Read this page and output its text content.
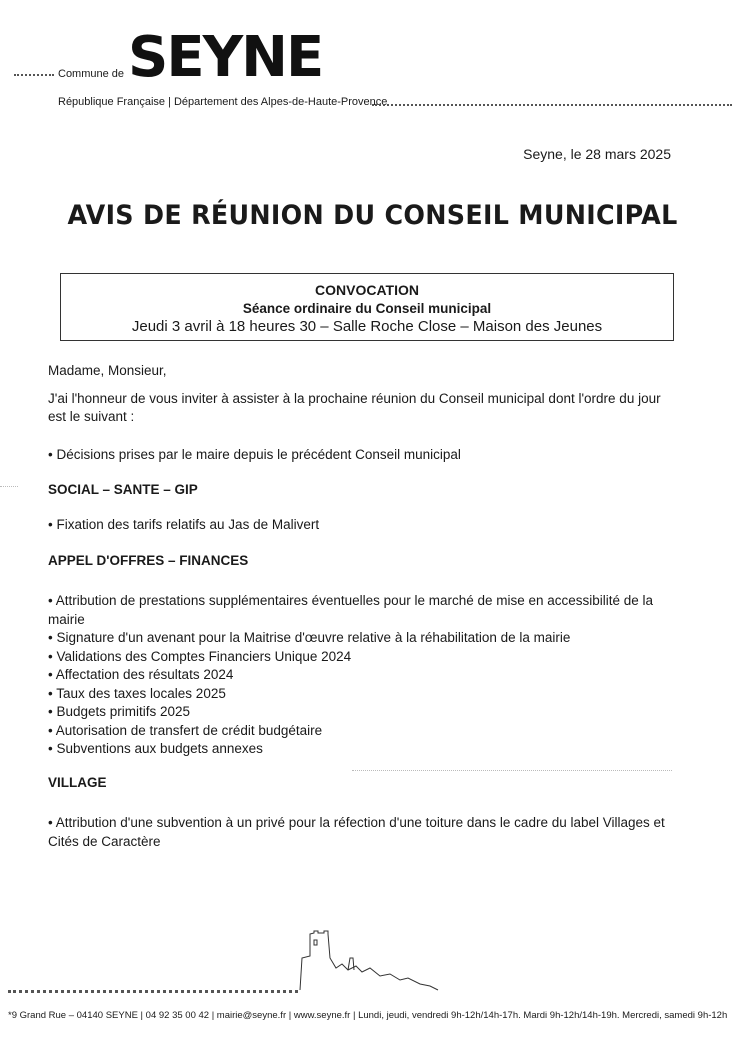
Commune de SEYNE
République Française | Département des Alpes-de-Haute-Provence
Seyne, le 28 mars 2025
AVIS DE RÉUNION DU CONSEIL MUNICIPAL
CONVOCATION
Séance ordinaire du Conseil municipal
Jeudi 3 avril à 18 heures 30 – Salle Roche Close – Maison des Jeunes
Madame, Monsieur,
J'ai l'honneur de vous inviter à assister à la prochaine réunion du Conseil municipal dont l'ordre du jour est le suivant :
• Décisions prises par le maire depuis le précédent Conseil municipal
SOCIAL – SANTE – GIP
• Fixation des tarifs relatifs au Jas de Malivert
APPEL D'OFFRES – FINANCES
• Attribution de prestations supplémentaires éventuelles pour le marché de mise en accessibilité de la mairie
• Signature d'un avenant pour la Maitrise d'œuvre relative à la réhabilitation de la mairie
• Validations des Comptes Financiers Unique 2024
• Affectation des résultats 2024
• Taux des taxes locales 2025
• Budgets primitifs 2025
• Autorisation de transfert de crédit budgétaire
• Subventions aux budgets annexes
VILLAGE
• Attribution d'une subvention à un privé pour la réfection d'une toiture dans le cadre du label Villages et Cités de Caractère
*9 Grand Rue – 04140 SEYNE | 04 92 35 00 42 | mairie@seyne.fr | www.seyne.fr | Lundi, jeudi, vendredi 9h-12h/14h-17h. Mardi 9h-12h/14h-19h. Mercredi, samedi 9h-12h
